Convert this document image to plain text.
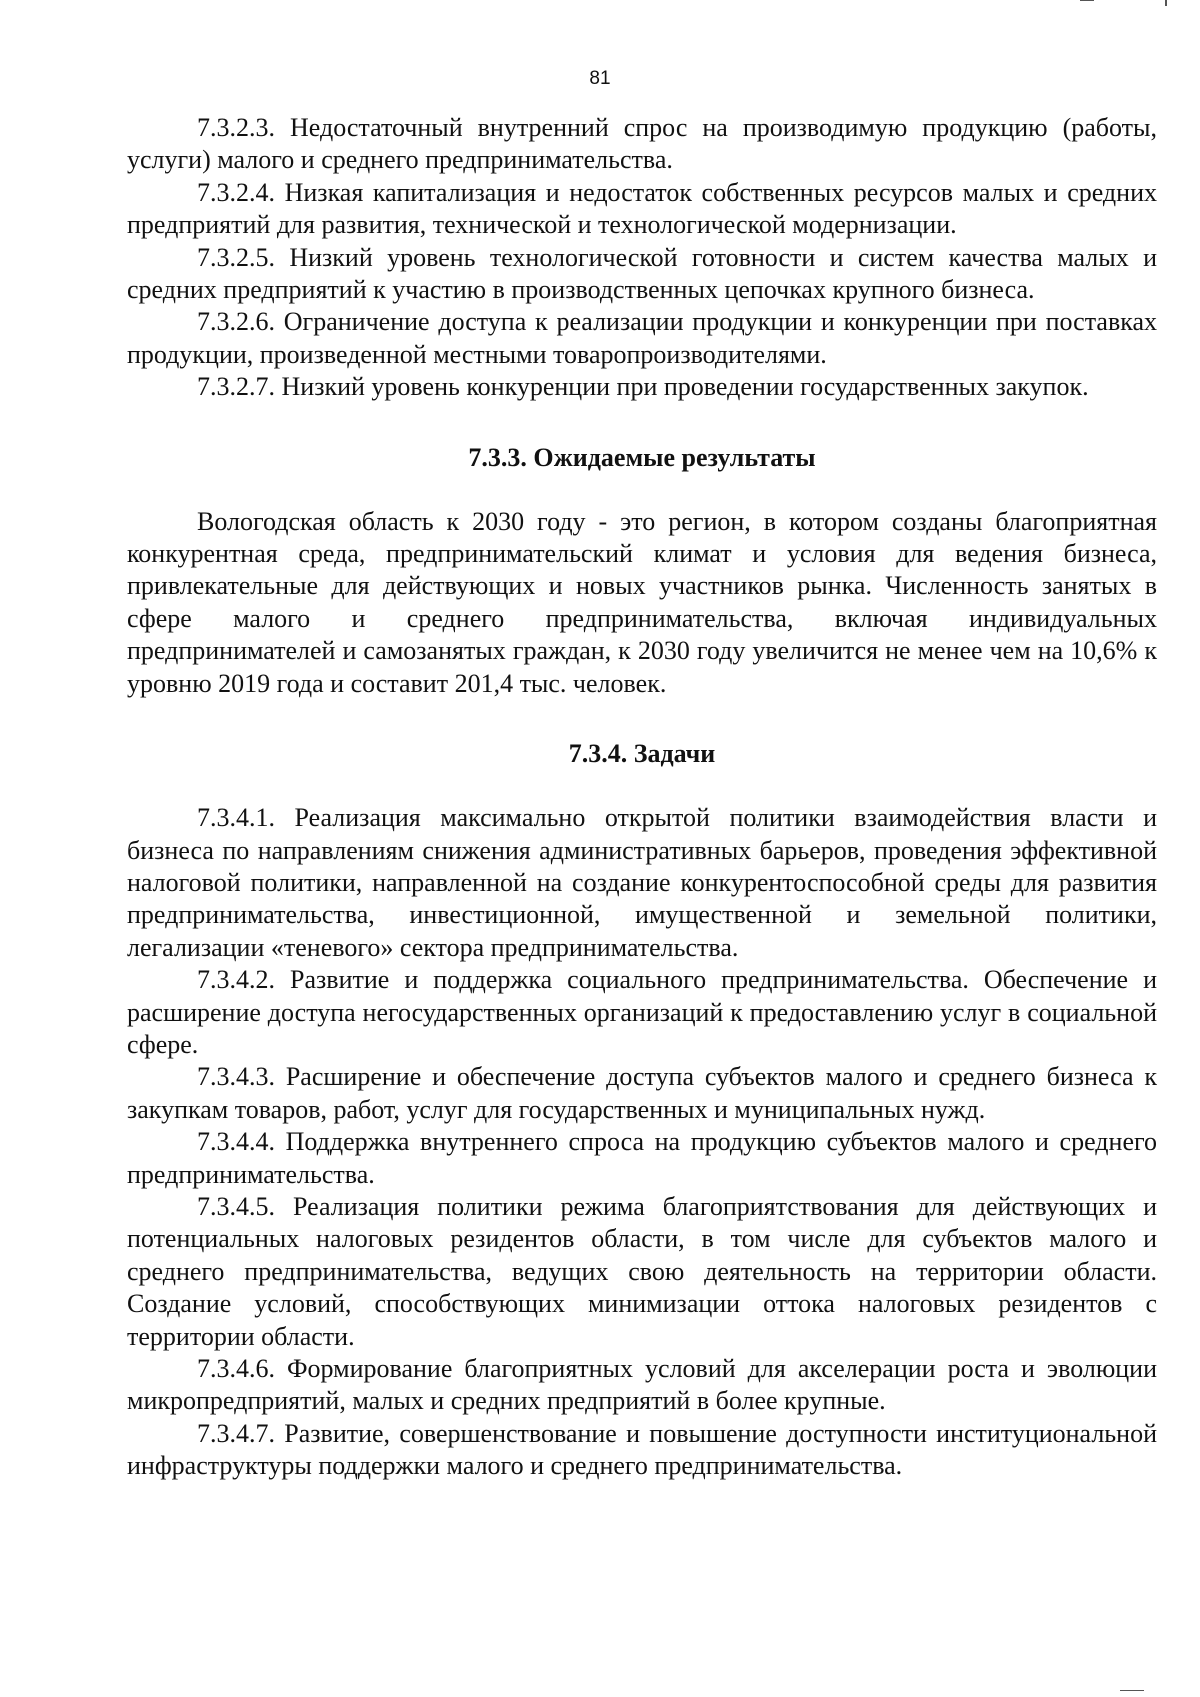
81

7.3.2.3. Недостаточный внутренний спрос на производимую продукцию (работы, услуги) малого и среднего предпринимательства.

7.3.2.4. Низкая капитализация и недостаток собственных ресурсов малых и средних предприятий для развития, технической и технологической модернизации.

7.3.2.5. Низкий уровень технологической готовности и систем качества малых и средних предприятий к участию в производственных цепочках крупного бизнеса.

7.3.2.6. Ограничение доступа к реализации продукции и конкуренции при поставках продукции, произведенной местными товаропроизводителями.

7.3.2.7. Низкий уровень конкуренции при проведении государственных закупок.

7.3.3. Ожидаемые результаты

Вологодская область к 2030 году - это регион, в котором созданы благоприятная конкурентная среда, предпринимательский климат и условия для ведения бизнеса, привлекательные для действующих и новых участников рынка. Численность занятых в сфере малого и среднего предпринимательства, включая индивидуальных предпринимателей и самозанятых граждан, к 2030 году увеличится не менее чем на 10,6% к уровню 2019 года и составит 201,4 тыс. человек.

7.3.4. Задачи

7.3.4.1. Реализация максимально открытой политики взаимодействия власти и бизнеса по направлениям снижения административных барьеров, проведения эффективной налоговой политики, направленной на создание конкурентоспособной среды для развития предпринимательства, инвестиционной, имущественной и земельной политики, легализации «теневого» сектора предпринимательства.

7.3.4.2. Развитие и поддержка социального предпринимательства. Обеспечение и расширение доступа негосударственных организаций к предоставлению услуг в социальной сфере.

7.3.4.3. Расширение и обеспечение доступа субъектов малого и среднего бизнеса к закупкам товаров, работ, услуг для государственных и муниципальных нужд.

7.3.4.4. Поддержка внутреннего спроса на продукцию субъектов малого и среднего предпринимательства.

7.3.4.5. Реализация политики режима благоприятствования для действующих и потенциальных налоговых резидентов области, в том числе для субъектов малого и среднего предпринимательства, ведущих свою деятельность на территории области. Создание условий, способствующих минимизации оттока налоговых резидентов с территории области.

7.3.4.6. Формирование благоприятных условий для акселерации роста и эволюции микропредприятий, малых и средних предприятий в более крупные.

7.3.4.7. Развитие, совершенствование и повышение доступности институциональной инфраструктуры поддержки малого и среднего предпринимательства.
